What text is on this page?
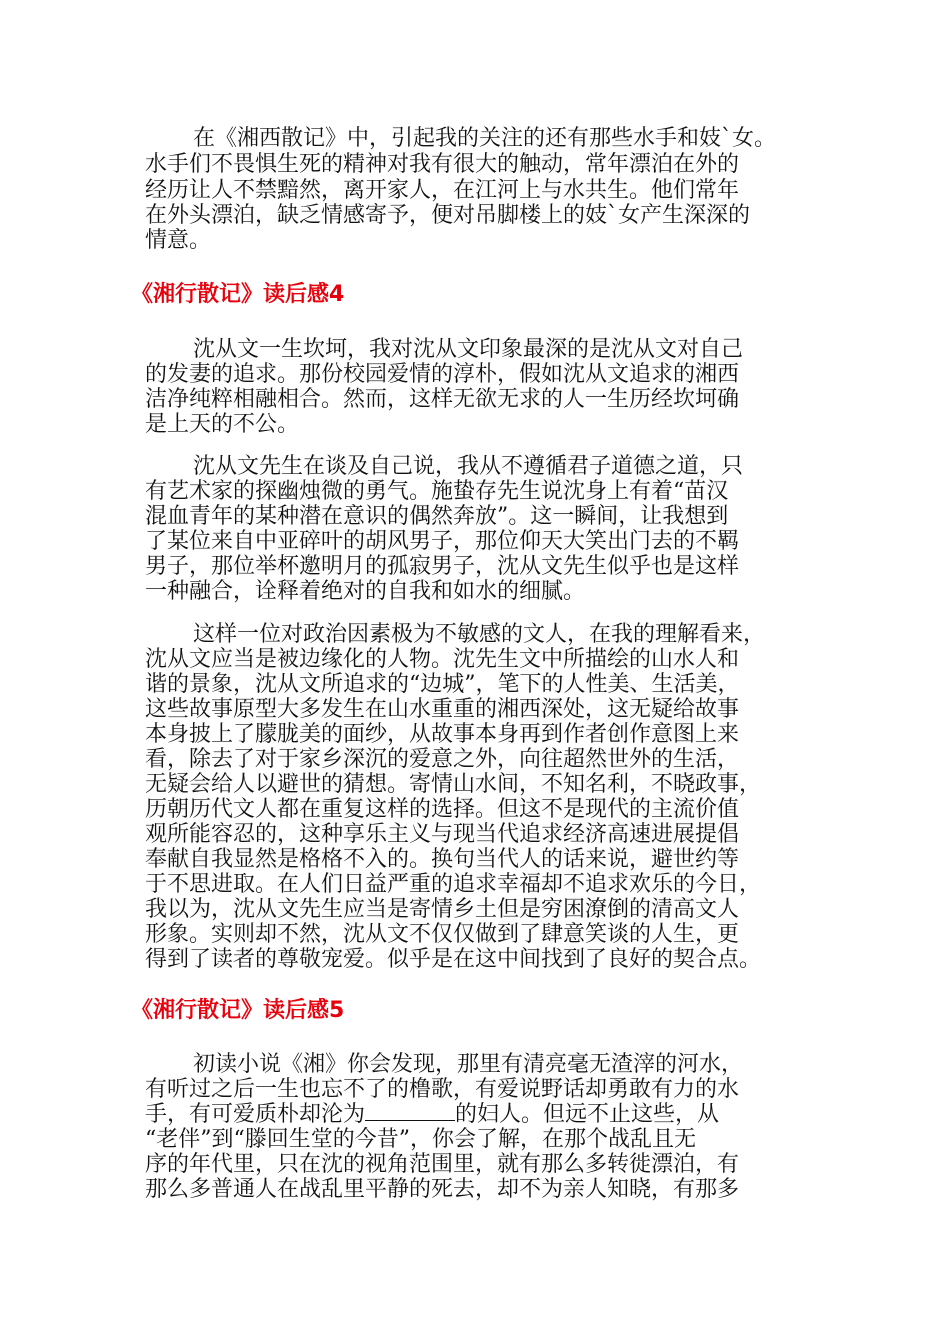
在《湘西散记》中，引起我的关注的还有那些水手和妓`女。
水手们不畏惧生死的精神对我有很大的触动，常年漂泊在外的
经历让人不禁黯然，离开家人，在江河上与水共生。他们常年
在外头漂泊，缺乏情感寄予，便对吊脚楼上的妓`女产生深深的
情意。
《湘行散记》读后感4
沈从文一生坎坷，我对沈从文印象最深的是沈从文对自己
的发妻的追求。那份校园爱情的淳朴，假如沈从文追求的湘西
洁净纯粹相融相合。然而，这样无欲无求的人一生历经坎坷确
是上天的不公。
沈从文先生在谈及自己说，我从不遵循君子道德之道，只
有艺术家的探幽烛微的勇气。施蛰存先生说沈身上有着“苗汉
混血青年的某种潜在意识的偶然奔放”。这一瞬间，让我想到
了某位来自中亚碎叶的胡风男子，那位仰天大笑出门去的不羁
男子，那位举杯邀明月的孤寂男子，沈从文先生似乎也是这样
一种融合，诠释着绝对的自我和如水的细腻。
这样一位对政治因素极为不敏感的文人，在我的理解看来，
沈从文应当是被边缘化的人物。沈先生文中所描绘的山水人和
谐的景象，沈从文所追求的“边城”，笔下的人性美、生活美，
这些故事原型大多发生在山水重重的湘西深处，这无疑给故事
本身披上了朦胧美的面纱，从故事本身再到作者创作意图上来
看，除去了对于家乡深沉的爱意之外，向往超然世外的生活，
无疑会给人以避世的猜想。寄情山水间，不知名利，不晓政事，
历朝历代文人都在重复这样的选择。但这不是现代的主流价值
观所能容忍的，这种享乐主义与现当代追求经济高速进展提倡
奉献自我显然是格格不入的。换句当代人的话来说，避世约等
于不思进取。在人们日益严重的追求幸福却不追求欢乐的今日，
我以为，沈从文先生应当是寄情乡土但是穷困潦倒的清高文人
形象。实则却不然，沈从文不仅仅做到了肆意笑谈的人生，更
得到了读者的尊敬宠爱。似乎是在这中间找到了良好的契合点。
《湘行散记》读后感5
初读小说《湘》你会发现，那里有清亮毫无渣滓的河水，
有听过之后一生也忘不了的橹歌，有爱说野话却勇敢有力的水
手，有可爱质朴却沦为	的妇人。但远不止这些，从
“老伴”到“滕回生堂的今昔”，你会了解，在那个战乱且无
序的年代里，只在沈的视角范围里，就有那么多转徙漂泊，有
那么多普通人在战乱里平静的死去，却不为亲人知晓，有那多
